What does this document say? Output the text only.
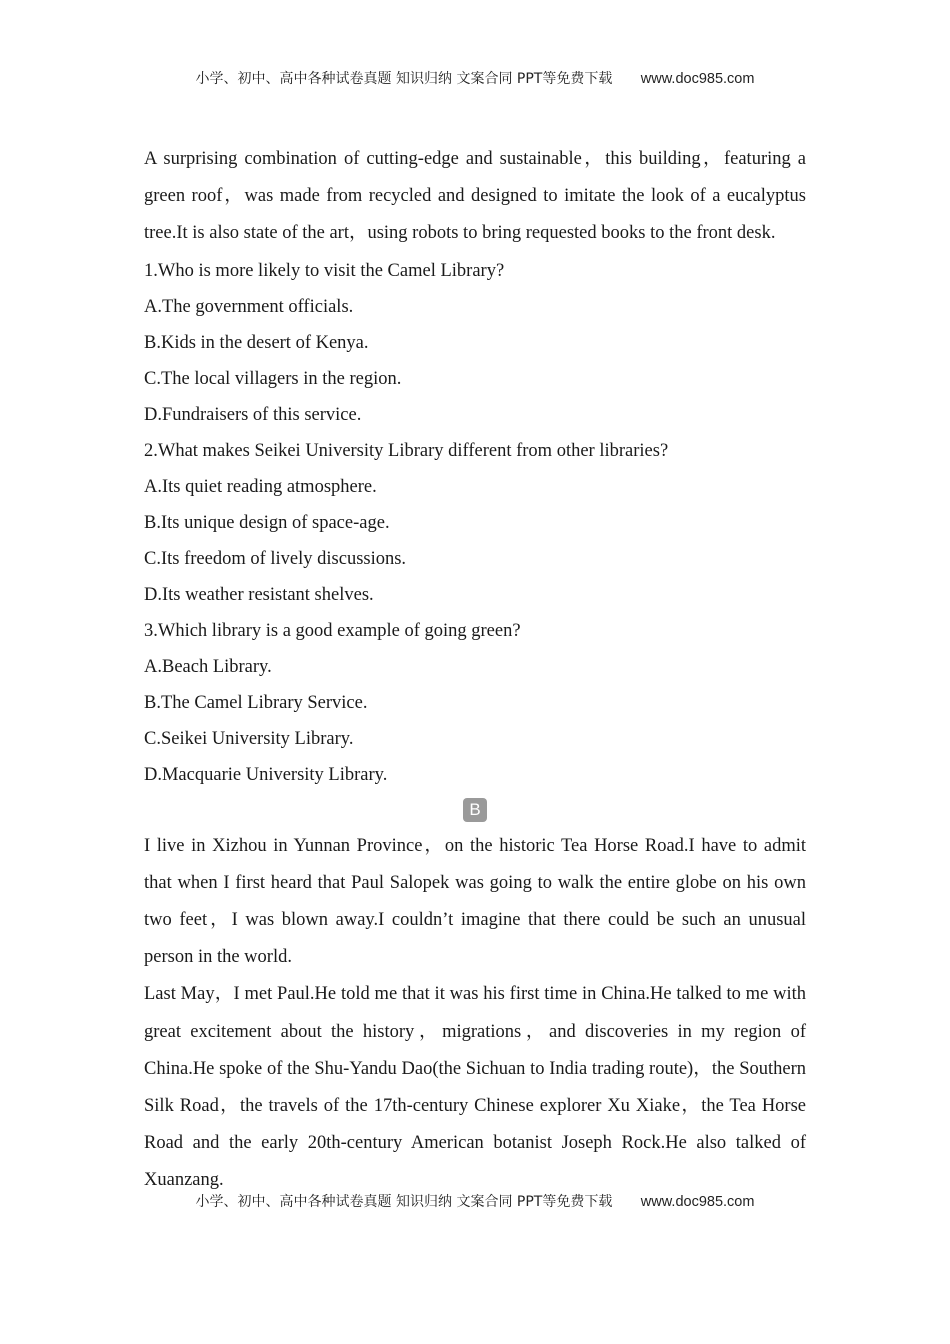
小学、初中、高中各种试卷真题 知识归纳 文案合同 PPT等免费下载 www.doc985.com

A surprising combination of cutting-edge and sustainable，this building，featuring a green roof，was made from recycled and designed to imitate the look of a eucalyptus tree.It is also state of the art，using robots to bring requested books to the front desk.

1.Who is more likely to visit the Camel Library?

A.The government officials.

B.Kids in the desert of Kenya.

C.The local villagers in the region.

D.Fundraisers of this service.

2.What makes Seikei University Library different from other libraries?

A.Its quiet reading atmosphere.

B.Its unique design of space-age.

C.Its freedom of lively discussions.

D.Its weather resistant shelves.

3.Which library is a good example of going green?

A.Beach Library.

B.The Camel Library Service.

C.Seikei University Library.

D.Macquarie University Library.

B

I live in Xizhou in Yunnan Province，on the historic Tea Horse Road.I have to admit that when I first heard that Paul Salopek was going to walk the entire globe on his own two feet，I was blown away.I couldn’t imagine that there could be such an unusual person in the world.

Last May，I met Paul.He told me that it was his first time in China.He talked to me with great excitement about the history，migrations，and discoveries in my region of China.He spoke of the Shu-Yandu Dao(the Sichuan to India trading route)，the Southern Silk Road，the travels of the 17th-century Chinese explorer Xu Xiake，the Tea Horse Road and the early 20th-century American botanist Joseph Rock.He also talked of Xuanzang.

小学、初中、高中各种试卷真题 知识归纳 文案合同 PPT等免费下载 www.doc985.com
